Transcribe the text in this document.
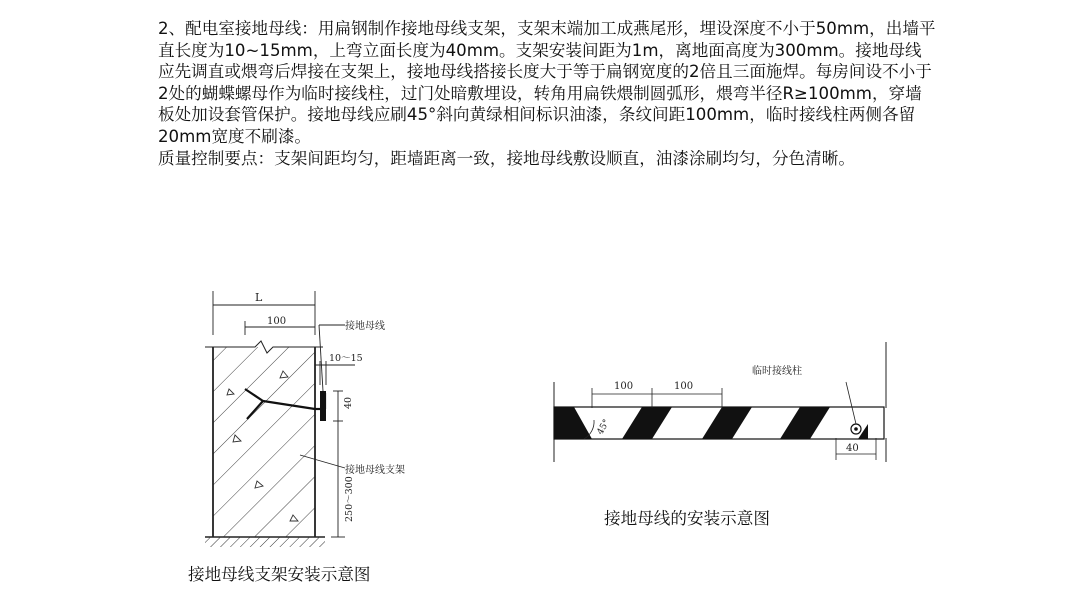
2、配电室接地母线：用扁钢制作接地母线支架，支架末端加工成燕尾形，埋设深度不小于50mm，出墙平直长度为10~15mm，上弯立面长度为40mm。支架安装间距为1m，离地面高度为300mm。接地母线应先调直或煨弯后焊接在支架上，接地母线搭接长度大于等于扁钢宽度的2倍且三面施焊。每房间设不小于2处的蝴蝶螺母作为临时接线柱，过门处暗敷埋设，转角用扁铁煨制圆弧形，煨弯半径R≥100mm，穿墙板处加设套管保护。接地母线应刷45°斜向黄绿相间标识油漆，条纹间距100mm，临时接线柱两侧各留20mm宽度不刷漆。

质量控制要点：支架间距均匀，距墙距离一致，接地母线敷设顺直，油漆涂刷均匀，分色清晰。

L
100
10～15
40
250～300
接地母线
接地母线支架
接地母线支架安装示意图
临时接线柱
45°
100	100
40
接地母线的安装示意图
